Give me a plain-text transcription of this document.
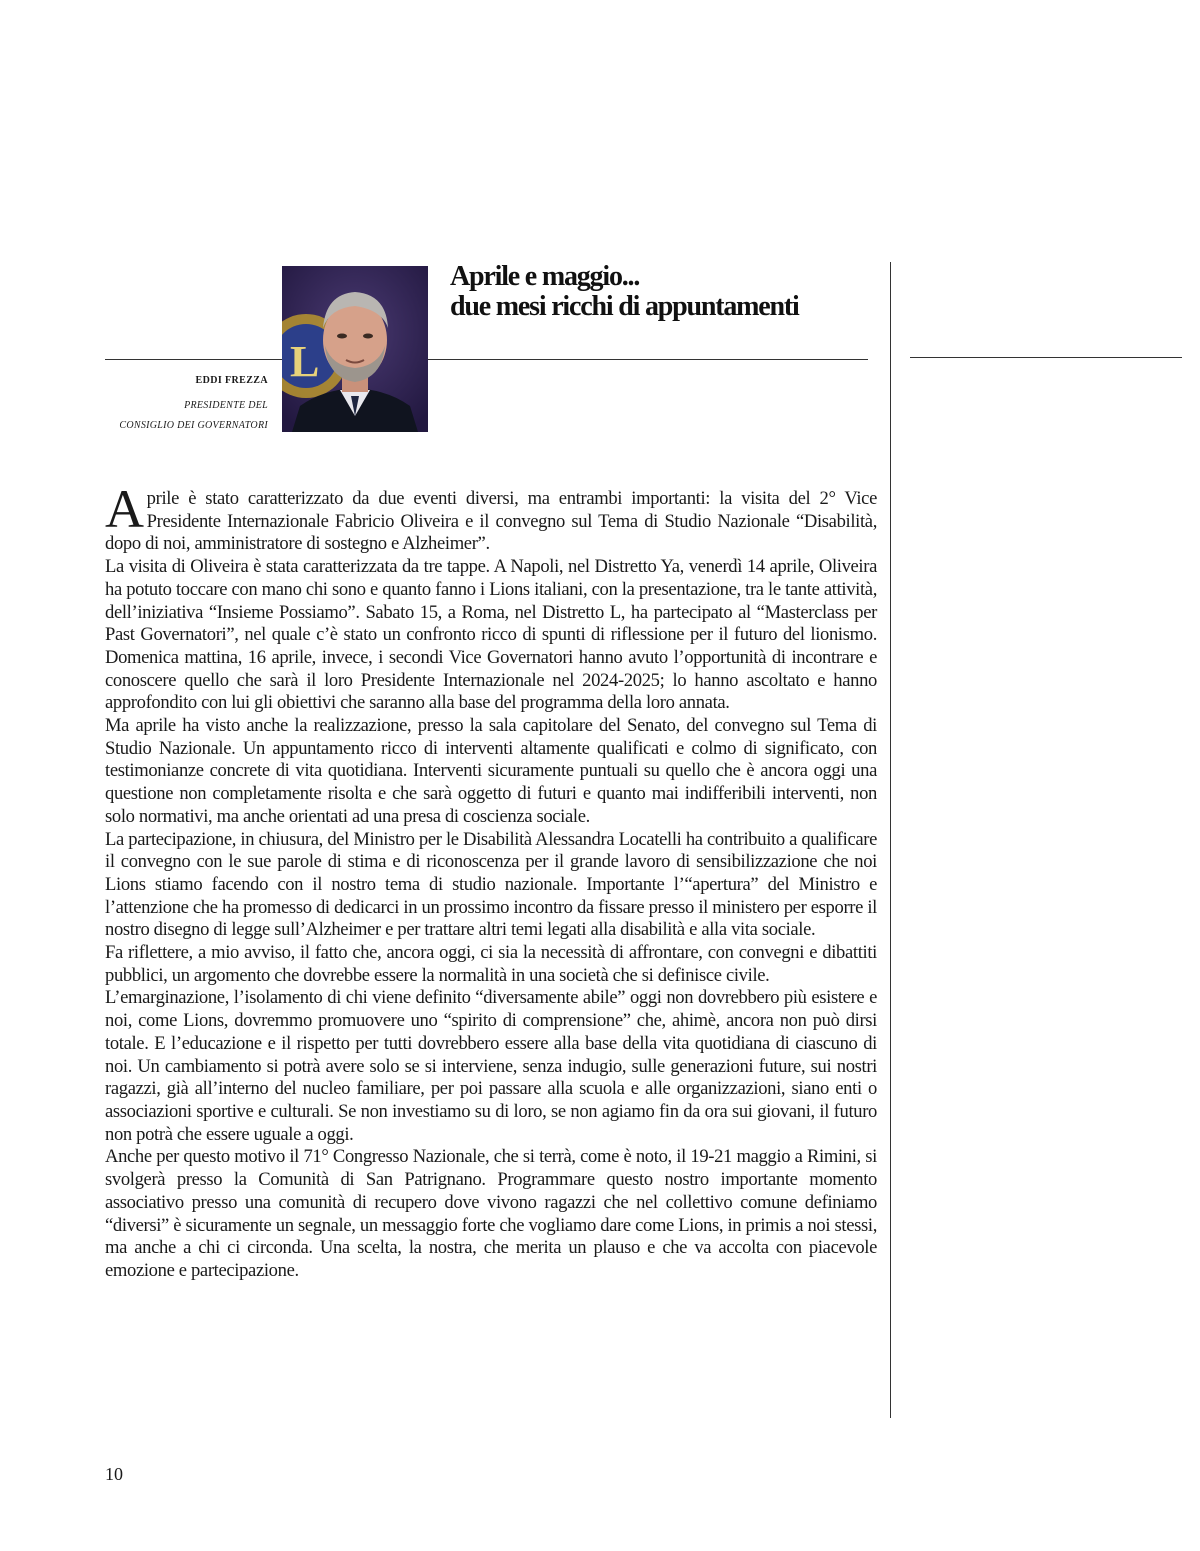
Aprile e maggio...
due mesi ricchi di appuntamenti
L
EDDI FREZZA
PRESIDENTE DEL
CONSIGLIO DEI GOVERNATORI

Aprile è stato caratterizzato da due eventi diversi, ma entrambi importanti: la visita del 2° Vice Presidente Internazionale Fabricio Oliveira e il convegno sul Tema di Studio Nazionale “Disabilità, dopo di noi, amministratore di sostegno e Alzheimer”.

La visita di Oliveira è stata caratterizzata da tre tappe. A Napoli, nel Distretto Ya, venerdì 14 aprile, Oliveira ha potuto toccare con mano chi sono e quanto fanno i Lions italiani, con la presentazione, tra le tante attività, dell’iniziativa “Insieme Possiamo”. Sabato 15, a Roma, nel Distretto L, ha partecipato al “Masterclass per Past Governatori”, nel quale c’è stato un confronto ricco di spunti di riflessione per il futuro del lionismo. Domenica mattina, 16 aprile, invece, i secondi Vice Governatori hanno avuto l’opportunità di incontrare e conoscere quello che sarà il loro Presidente Internazionale nel 2024-2025; lo hanno ascoltato e hanno approfondito con lui gli obiettivi che saranno alla base del programma della loro annata.

Ma aprile ha visto anche la realizzazione, presso la sala capitolare del Senato, del convegno sul Tema di Studio Nazionale. Un appuntamento ricco di interventi altamente qualificati e colmo di significato, con testimonianze concrete di vita quotidiana. Interventi sicuramente puntuali su quello che è ancora oggi una questione non completamente risolta e che sarà oggetto di futuri e quanto mai indifferibili interventi, non solo normativi, ma anche orientati ad una presa di coscienza sociale.

La partecipazione, in chiusura, del Ministro per le Disabilità Alessandra Locatelli ha contribuito a qualificare il convegno con le sue parole di stima e di riconoscenza per il grande lavoro di sensibilizzazione che noi Lions stiamo facendo con il nostro tema di studio nazionale. Importante l’“apertura” del Ministro e l’attenzione che ha promesso di dedicarci in un prossimo incontro da fissare presso il ministero per esporre il nostro disegno di legge sull’Alzheimer e per trattare altri temi legati alla disabilità e alla vita sociale.

Fa riflettere, a mio avviso, il fatto che, ancora oggi, ci sia la necessità di affrontare, con convegni e dibattiti pubblici, un argomento che dovrebbe essere la normalità in una società che si definisce civile.

L’emarginazione, l’isolamento di chi viene definito “diversamente abile” oggi non dovrebbero più esistere e noi, come Lions, dovremmo promuovere uno “spirito di comprensione” che, ahimè, ancora non può dirsi totale. E l’educazione e il rispetto per tutti dovrebbero essere alla base della vita quotidiana di ciascuno di noi. Un cambiamento si potrà avere solo se si interviene, senza indugio, sulle generazioni future, sui nostri ragazzi, già all’interno del nucleo familiare, per poi passare alla scuola e alle organizzazioni, siano enti o associazioni sportive e culturali. Se non investiamo su di loro, se non agiamo fin da ora sui giovani, il futuro non potrà che essere uguale a oggi.

Anche per questo motivo il 71° Congresso Nazionale, che si terrà, come è noto, il 19-21 maggio a Rimini, si svolgerà presso la Comunità di San Patrignano. Programmare questo nostro importante momento associativo presso una comunità di recupero dove vivono ragazzi che nel collettivo comune definiamo “diversi” è sicuramente un segnale, un messaggio forte che vogliamo dare come Lions, in primis a noi stessi, ma anche a chi ci circonda. Una scelta, la nostra, che merita un plauso e che va accolta con piacevole emozione e partecipazione.

10
